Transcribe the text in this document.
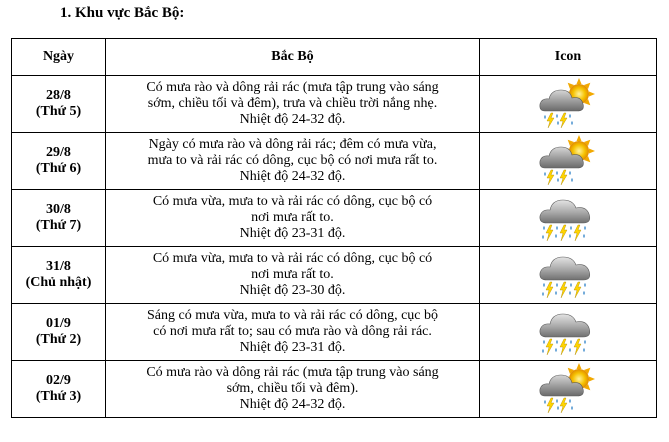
1. Khu vực Bắc Bộ:
Ngày	Bắc Bộ	Icon

28/8
(Thứ 5)	Có mưa rào và dông rải rác (mưa tập trung vào sáng
sớm, chiều tối và đêm), trưa và chiều trời nắng nhẹ.
Nhiệt độ 24-32 độ.

29/8
(Thứ 6)	Ngày có mưa rào và dông rải rác; đêm có mưa vừa,
mưa to và rải rác có dông, cục bộ có nơi mưa rất to.
Nhiệt độ 24-32 độ.

30/8
(Thứ 7)	Có mưa vừa, mưa to và rải rác có dông, cục bộ có
nơi mưa rất to.
Nhiệt độ 23-31 độ.

31/8
(Chủ nhật)	Có mưa vừa, mưa to và rải rác có dông, cục bộ có
nơi mưa rất to.
Nhiệt độ 23-30 độ.

01/9
(Thứ 2)	Sáng có mưa vừa, mưa to và rải rác có dông, cục bộ
có nơi mưa rất to; sau có mưa rào và dông rải rác.
Nhiệt độ 23-31 độ.

02/9
(Thứ 3)	Có mưa rào và dông rải rác (mưa tập trung vào sáng
sớm, chiều tối và đêm).
Nhiệt độ 24-32 độ.
